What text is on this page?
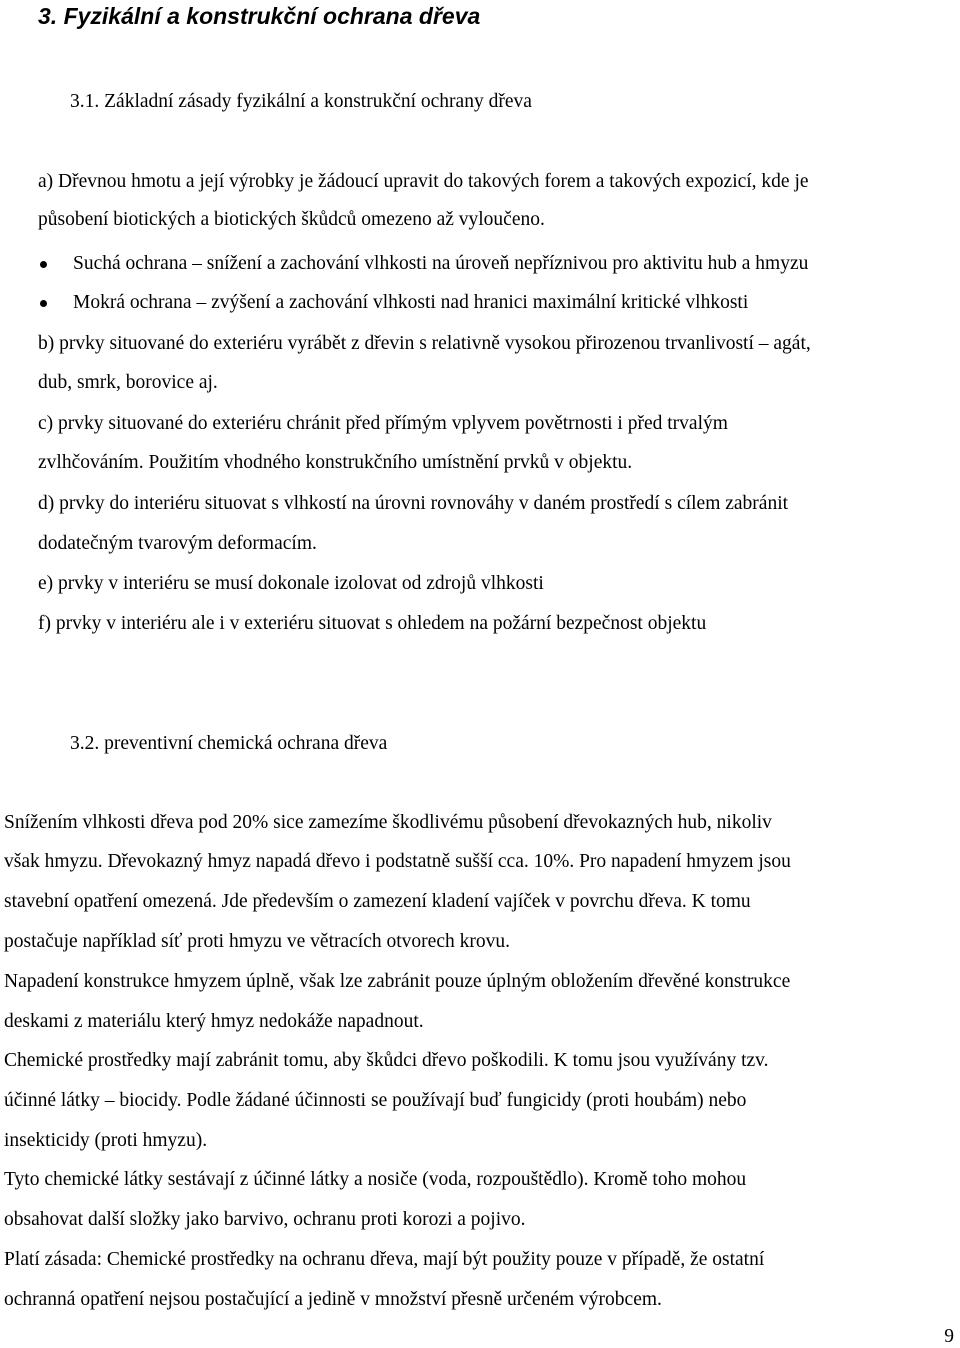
3. Fyzikální a konstrukční ochrana dřeva
3.1. Základní zásady fyzikální a konstrukční ochrany dřeva
a) Dřevnou hmotu a její výrobky je žádoucí upravit do takových forem a takových expozicí, kde je
působení biotických a biotických škůdců omezeno až vyloučeno.
Suchá ochrana – snížení a zachování vlhkosti na úroveň nepříznivou pro aktivitu hub a hmyzu
Mokrá ochrana – zvýšení a zachování vlhkosti nad hranici maximální kritické vlhkosti
b) prvky situované do exteriéru vyrábět z dřevin s relativně vysokou přirozenou trvanlivostí – agát,
dub, smrk, borovice aj.
c) prvky situované do exteriéru chránit před přímým vplyvem povětrnosti i před trvalým
zvlhčováním. Použitím vhodného konstrukčního umístnění prvků v objektu.
d) prvky do interiéru situovat s vlhkostí na úrovni rovnováhy v daném prostředí s cílem zabránit
dodatečným tvarovým deformacím.
e) prvky v interiéru se musí dokonale izolovat od zdrojů vlhkosti
f) prvky v interiéru ale i v exteriéru situovat s ohledem na požární bezpečnost objektu
3.2. preventivní chemická ochrana dřeva
Snížením vlhkosti dřeva pod 20% sice zamezíme škodlivému působení dřevokazných hub, nikoliv
však hmyzu. Dřevokazný hmyz napadá dřevo i podstatně sušší cca. 10%. Pro napadení hmyzem jsou
stavební opatření omezená. Jde především o zamezení kladení vajíček v povrchu dřeva. K tomu
postačuje například síť proti hmyzu ve větracích otvorech krovu.
Napadení konstrukce hmyzem úplně, však lze zabránit pouze úplným obložením dřevěné konstrukce
deskami z materiálu který hmyz nedokáže napadnout.
Chemické prostředky mají zabránit tomu, aby škůdci dřevo poškodili. K tomu jsou využívány tzv.
účinné látky – biocidy. Podle žádané účinnosti se používají buď fungicidy (proti houbám) nebo
insekticidy (proti hmyzu).
Tyto chemické látky sestávají z účinné látky a nosiče (voda, rozpouštědlo). Kromě toho mohou
obsahovat další složky jako barvivo, ochranu proti korozi a pojivo.
Platí zásada: Chemické prostředky na ochranu dřeva, mají být použity pouze v případě, že ostatní
ochranná opatření nejsou postačující a jedině v množství přesně určeném výrobcem.
9
